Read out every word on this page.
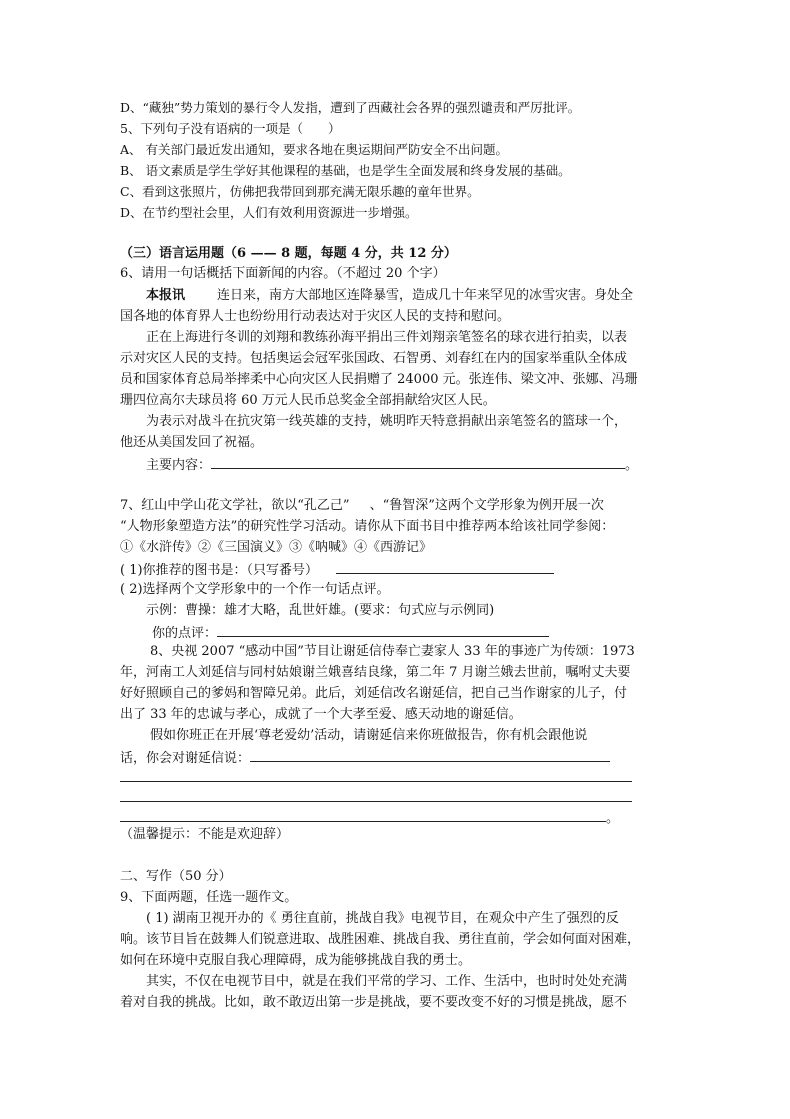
D、“藏独”势力策划的暴行令人发指，遭到了西藏社会各界的强烈谴责和严厉批评。
5、下列句子没有语病的一项是（　　）
A、 有关部门最近发出通知，要求各地在奥运期间严防安全不出问题。
B、 语文素质是学生学好其他课程的基础，也是学生全面发展和终身发展的基础。
C、看到这张照片，仿佛把我带回到那充满无限乐趣的童年世界。
D、在节约型社会里，人们有效利用资源进一步增强。
（三）语言运用题（6 —— 8 题，每题 4 分，共 12 分）
6、请用一句话概括下面新闻的内容。（不超过 20 个字）
本报讯 连日来，南方大部地区连降暴雪，造成几十年来罕见的冰雪灾害。身处全
国各地的体育界人士也纷纷用行动表达对于灾区人民的支持和慰问。
正在上海进行冬训的刘翔和教练孙海平捐出三件刘翔亲笔签名的球衣进行拍卖，以表
示对灾区人民的支持。包括奥运会冠军张国政、石智勇、刘春红在内的国家举重队全体成
员和国家体育总局举摔柔中心向灾区人民捐赠了 24000 元。张连伟、梁文冲、张娜、冯珊
珊四位高尔夫球员将 60 万元人民币总奖金全部捐献给灾区人民。
为表示对战斗在抗灾第一线英雄的支持，姚明昨天特意捐献出亲笔签名的篮球一个，
他还从美国发回了祝福。
主要内容：	。
7、红山中学山花文学社，欲以“孔乙己” 、“鲁智深”这两个文学形象为例开展一次
“人物形象塑造方法”的研究性学习活动。请你从下面书目中推荐两本给该社同学参阅：
①《水浒传》②《三国演义》③《呐喊》④《西游记》
( 1)你推荐的图书是：（只写番号）
( 2)选择两个文学形象中的一个作一句话点评。
示例：曹操：雄才大略，乱世奸雄。(要求：句式应与示例同)
你的点评：
8、央视 2007 “感动中国”节目让谢延信侍奉亡妻家人 33 年的事迹广为传颂：1973
年，河南工人刘延信与同村姑娘谢兰娥喜结良缘，第二年 7 月谢兰娥去世前，嘱咐丈夫要
好好照顾自己的爹妈和智障兄弟。此后，刘延信改名谢延信，把自己当作谢家的儿子，付
出了 33 年的忠诚与孝心，成就了一个大孝至爱、感天动地的谢延信。
假如你班正在开展‘尊老爱幼’活动，请谢延信来你班做报告，你有机会跟他说
话，你会对谢延信说：
。
（温馨提示：不能是欢迎辞）
二、写作（50 分）
9、下面两题，任选一题作文。
( 1) 湖南卫视开办的《 勇往直前，挑战自我》电视节目，在观众中产生了强烈的反
响。该节目旨在鼓舞人们锐意进取、战胜困难、挑战自我、勇往直前，学会如何面对困难，
如何在环境中克服自我心理障碍，成为能够挑战自我的勇士。
其实，不仅在电视节目中，就是在我们平常的学习、工作、生活中，也时时处处充满
着对自我的挑战。比如，敢不敢迈出第一步是挑战，要不要改变不好的习惯是挑战，愿不
